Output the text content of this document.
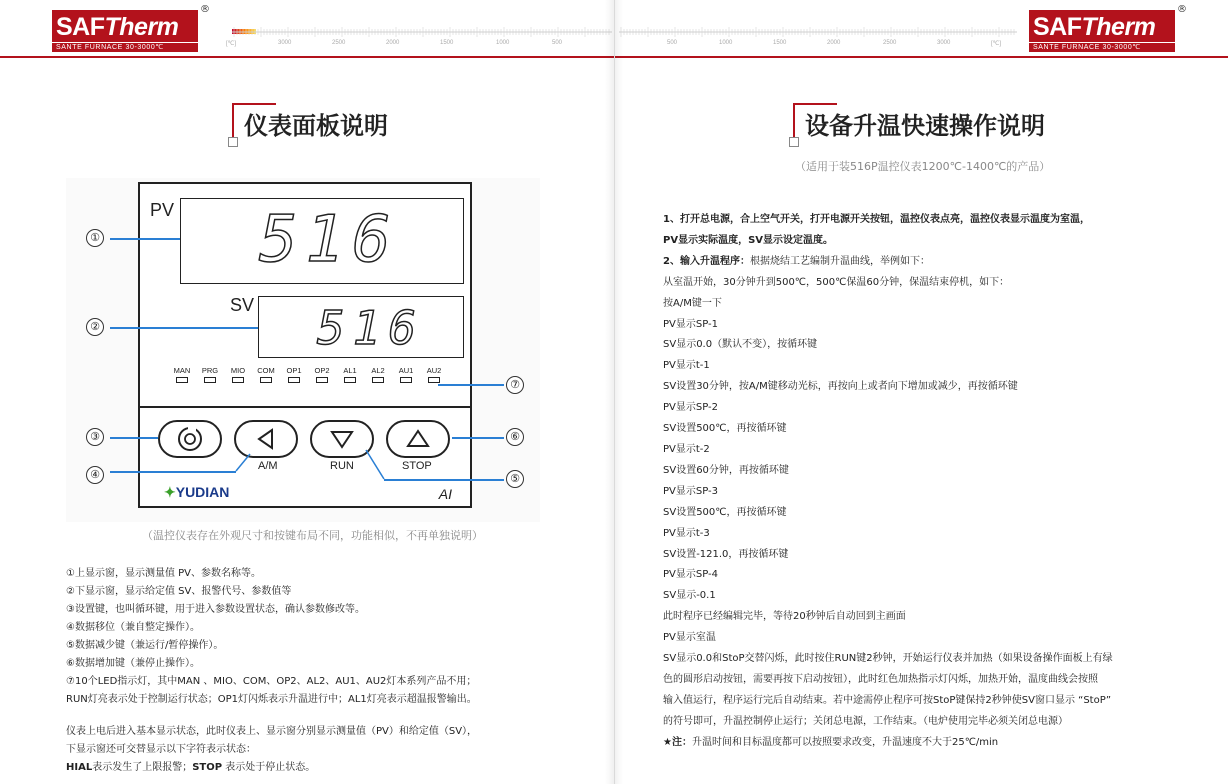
SAFTherm
SANTE FURNACE 30-3000℃
®
[℃]	3000	2500	2000	1500	1000	500
仪表面板说明
PV 516
SV 516
MAN PRG MIO COM OP1 OP2 AL1 AL2 AU1 AU2
A/M	RUN	STOP
✦YUDIAN	AI
①
②
③
④
⑦
⑥
⑤
（温控仪表存在外观尺寸和按键布局不同，功能相似，不再单独说明）

①上显示窗，显示测量值 PV、参数名称等。

②下显示窗，显示给定值 SV、报警代号、参数值等

③设置键，也叫循环键，用于进入参数设置状态，确认参数修改等。

④数据移位（兼自整定操作）。

⑤数据减少键（兼运行/暂停操作）。

⑥数据增加键（兼停止操作）。

⑦10个LED指示灯，其中MAN 、MIO、COM、OP2、AL2、AU1、AU2灯本系列产品不用；

RUN灯亮表示处于控制运行状态；OP1灯闪烁表示升温进行中；AL1灯亮表示超温报警输出。

仪表上电后进入基本显示状态，此时仪表上、显示窗分别显示测量值（PV）和给定值（SV），

下显示窗还可交替显示以下字符表示状态：

HIAL表示发生了上限报警；STOP 表示处于停止状态。

500	1000	1500	2000	2500	3000	[℃]
SAFTherm
SANTE FURNACE 30-3000℃
®
设备升温快速操作说明
（适用于装516P温控仪表1200℃-1400℃的产品）

1、打开总电源，合上空气开关，打开电源开关按钮，温控仪表点亮，温控仪表显示温度为室温，

PV显示实际温度，SV显示设定温度。

2、输入升温程序：根据烧结工艺编制升温曲线，举例如下：

从室温开始，30分钟升到500℃，500℃保温60分钟，保温结束停机，如下：

按A/M键一下

PV显示SP-1

SV显示0.0（默认不变），按循环键

PV显示t-1

SV设置30分钟，按A/M键移动光标，再按向上或者向下增加或减少，再按循环键

PV显示SP-2

SV设置500℃，再按循环键

PV显示t-2

SV设置60分钟，再按循环键

PV显示SP-3

SV设置500℃，再按循环键

PV显示t-3

SV设置-121.0，再按循环键

PV显示SP-4

SV显示-0.1

此时程序已经编辑完毕，等待20秒钟后自动回到主画面

PV显示室温

SV显示0.0和StoP交替闪烁，此时按住RUN键2秒钟，开始运行仪表并加热（如果设备操作面板上有绿

色的圆形启动按钮，需要再按下启动按钮），此时红色加热指示灯闪烁，加热开始，温度曲线会按照

输入值运行，程序运行完后自动结束。若中途需停止程序可按StoP键保持2秒钟使SV窗口显示 “StoP”

的符号即可，升温控制停止运行；关闭总电源，工作结束。（电炉使用完毕必须关闭总电源）

★注：升温时间和目标温度都可以按照要求改变，升温速度不大于25℃/min
